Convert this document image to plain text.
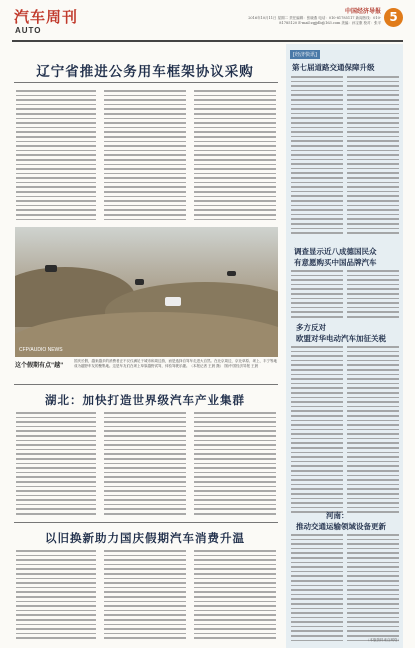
汽车周刊
AUTO
中国经济导报
2016年10月11日 星期二 责任编辑：张晓燕 电话：010-81785117 新闻热线：010-81785120 E-mail:zgjjdb@163.com 美编：孙宝康 校对：张平 5
辽宁省推进公务用车框架协议采购
CFP/AUDIO NEWS
这个假期有点"越"
国庆长假，越来越多的消费者正不仅仅满足于城市和周边游，而是选择自驾车走进大自然。在北京周边，京北草原、坝上、丰宁等地成为越野车友的聚集地。这是车友们在坝上草原越野试驾，体验驾驶乐趣。（本报记者 王晨 摄） 图/中国经济导报 王晨
湖北：加快打造世界级汽车产业集群
以旧换新助力国庆假期汽车消费升温
[经济快讯]
第七届道路交通保障升级
调查显示近八成德国民众
有意愿购买中国品牌汽车
多方反对
欧盟对华电动汽车加征关税
河南：
推动交通运输领域设备更新
（本版资料来自网络）
